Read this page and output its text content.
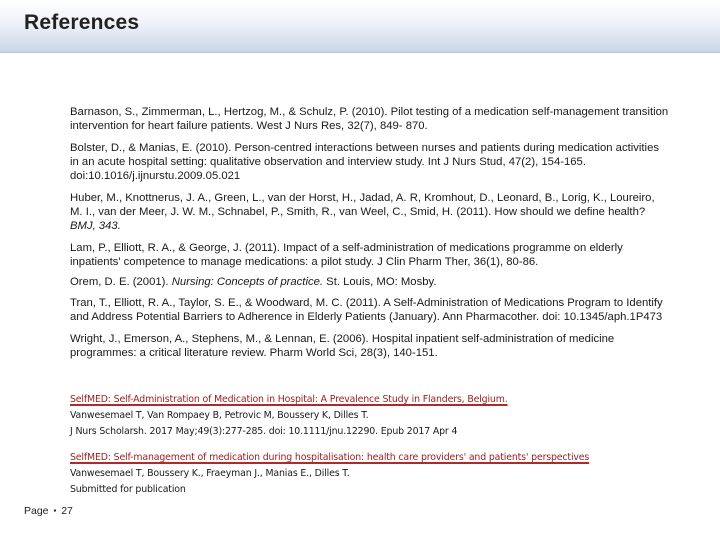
References

Barnason, S., Zimmerman, L., Hertzog, M., & Schulz, P. (2010). Pilot testing of a medication self-management transition intervention for heart failure patients. West J Nurs Res, 32(7), 849- 870.

Bolster, D., & Manias, E. (2010). Person-centred interactions between nurses and patients during medication activities in an acute hospital setting: qualitative observation and interview study. Int J Nurs Stud, 47(2), 154-165. doi:10.1016/j.ijnurstu.2009.05.021

Huber, M., Knottnerus, J. A., Green, L., van der Horst, H., Jadad, A. R, Kromhout, D., Leonard, B., Lorig, K., Loureiro, M. I., van der Meer, J. W. M., Schnabel, P., Smith, R., van Weel, C., Smid, H. (2011). How should we define health? BMJ, 343.

Lam, P., Elliott, R. A., & George, J. (2011). Impact of a self-administration of medications programme on elderly inpatients' competence to manage medications: a pilot study. J Clin Pharm Ther, 36(1), 80-86.

Orem, D. E. (2001). Nursing: Concepts of practice. St. Louis, MO: Mosby.

Tran, T., Elliott, R. A., Taylor, S. E., & Woodward, M. C. (2011). A Self-Administration of Medications Program to Identify and Address Potential Barriers to Adherence in Elderly Patients (January). Ann Pharmacother. doi: 10.1345/aph.1P473

Wright, J., Emerson, A., Stephens, M., & Lennan, E. (2006). Hospital inpatient self-administration of medicine programmes: a critical literature review. Pharm World Sci, 28(3), 140-151.

SelfMED: Self-Administration of Medication in Hospital: A Prevalence Study in Flanders, Belgium.
Vanwesemael T, Van Rompaey B, Petrovic M, Boussery K, Dilles T.
J Nurs Scholarsh. 2017 May;49(3):277-285. doi: 10.1111/jnu.12290. Epub 2017 Apr 4
SelfMED: Self-management of medication during hospitalisation: health care providers' and patients' perspectives
Vanwesemael T, Boussery K., Fraeyman J., Manias E., Dilles T.
Submitted for publication
Page ▪ 27
